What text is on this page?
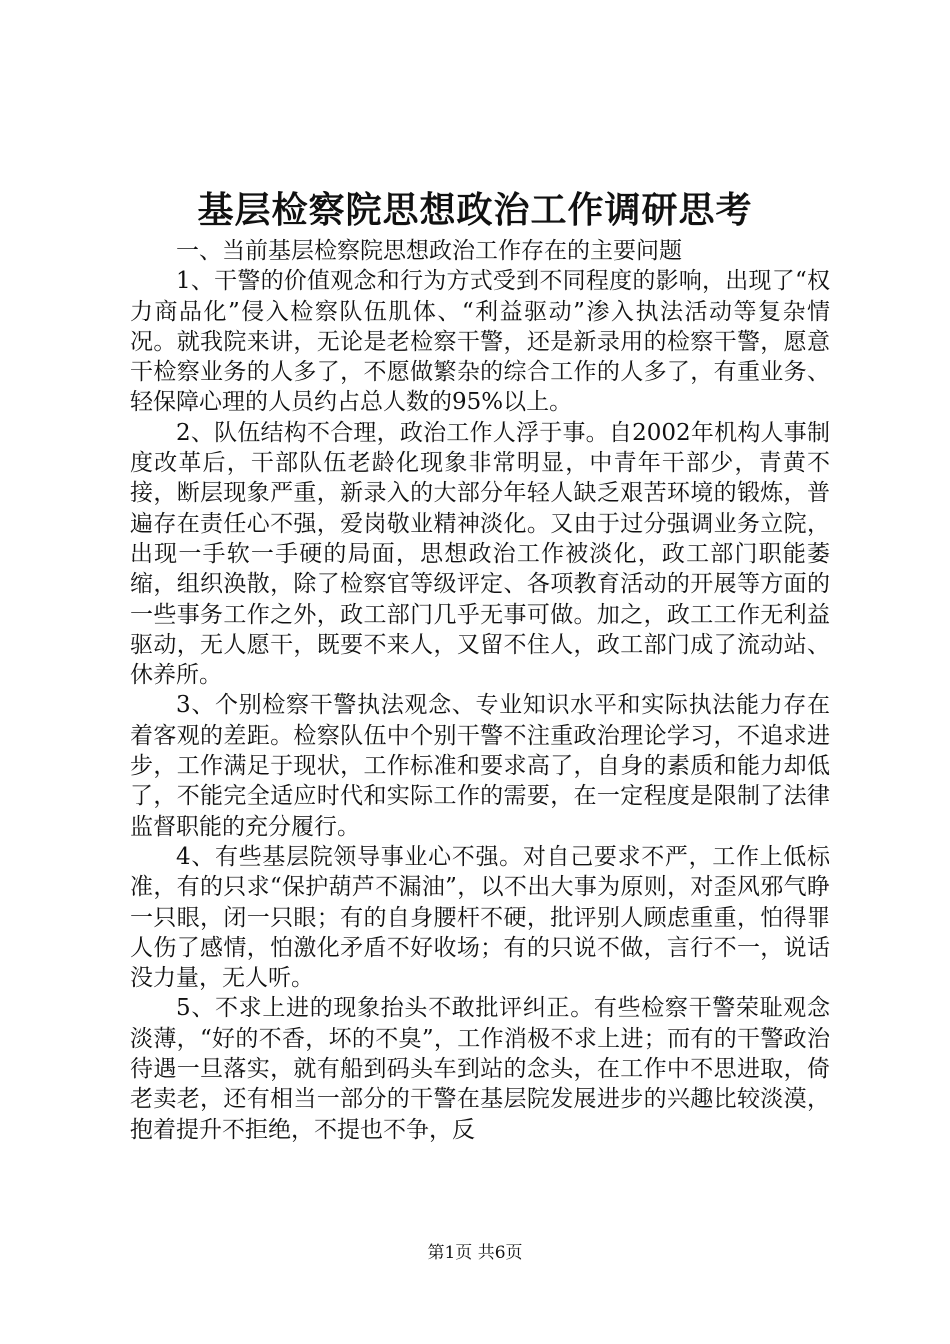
基层检察院思想政治工作调研思考

一、当前基层检察院思想政治工作存在的主要问题

1、干警的价值观念和行为方式受到不同程度的影响，出现了“权力商品化”侵入检察队伍肌体、“利益驱动”渗入执法活动等复杂情况。就我院来讲，无论是老检察干警，还是新录用的检察干警，愿意干检察业务的人多了，不愿做繁杂的综合工作的人多了，有重业务、轻保障心理的人员约占总人数的95%以上。

2、队伍结构不合理，政治工作人浮于事。自2002年机构人事制度改革后，干部队伍老龄化现象非常明显，中青年干部少，青黄不接，断层现象严重，新录入的大部分年轻人缺乏艰苦环境的锻炼，普遍存在责任心不强，爱岗敬业精神淡化。又由于过分强调业务立院，出现一手软一手硬的局面，思想政治工作被淡化，政工部门职能萎缩，组织涣散，除了检察官等级评定、各项教育活动的开展等方面的一些事务工作之外，政工部门几乎无事可做。加之，政工工作无利益驱动，无人愿干，既要不来人，又留不住人，政工部门成了流动站、休养所。

3、个别检察干警执法观念、专业知识水平和实际执法能力存在着客观的差距。检察队伍中个别干警不注重政治理论学习，不追求进步，工作满足于现状，工作标准和要求高了，自身的素质和能力却低了，不能完全适应时代和实际工作的需要，在一定程度是限制了法律监督职能的充分履行。

4、有些基层院领导事业心不强。对自己要求不严，工作上低标准，有的只求“保护葫芦不漏油”，以不出大事为原则，对歪风邪气睁一只眼，闭一只眼；有的自身腰杆不硬，批评别人顾虑重重，怕得罪人伤了感情，怕激化矛盾不好收场；有的只说不做，言行不一，说话没力量，无人听。

5、不求上进的现象抬头不敢批评纠正。有些检察干警荣耻观念淡薄，“好的不香，坏的不臭”，工作消极不求上进；而有的干警政治待遇一旦落实，就有船到码头车到站的念头，在工作中不思进取，倚老卖老，还有相当一部分的干警在基层院发展进步的兴趣比较淡漠，抱着提升不拒绝，不提也不争，反

第1页 共6页
